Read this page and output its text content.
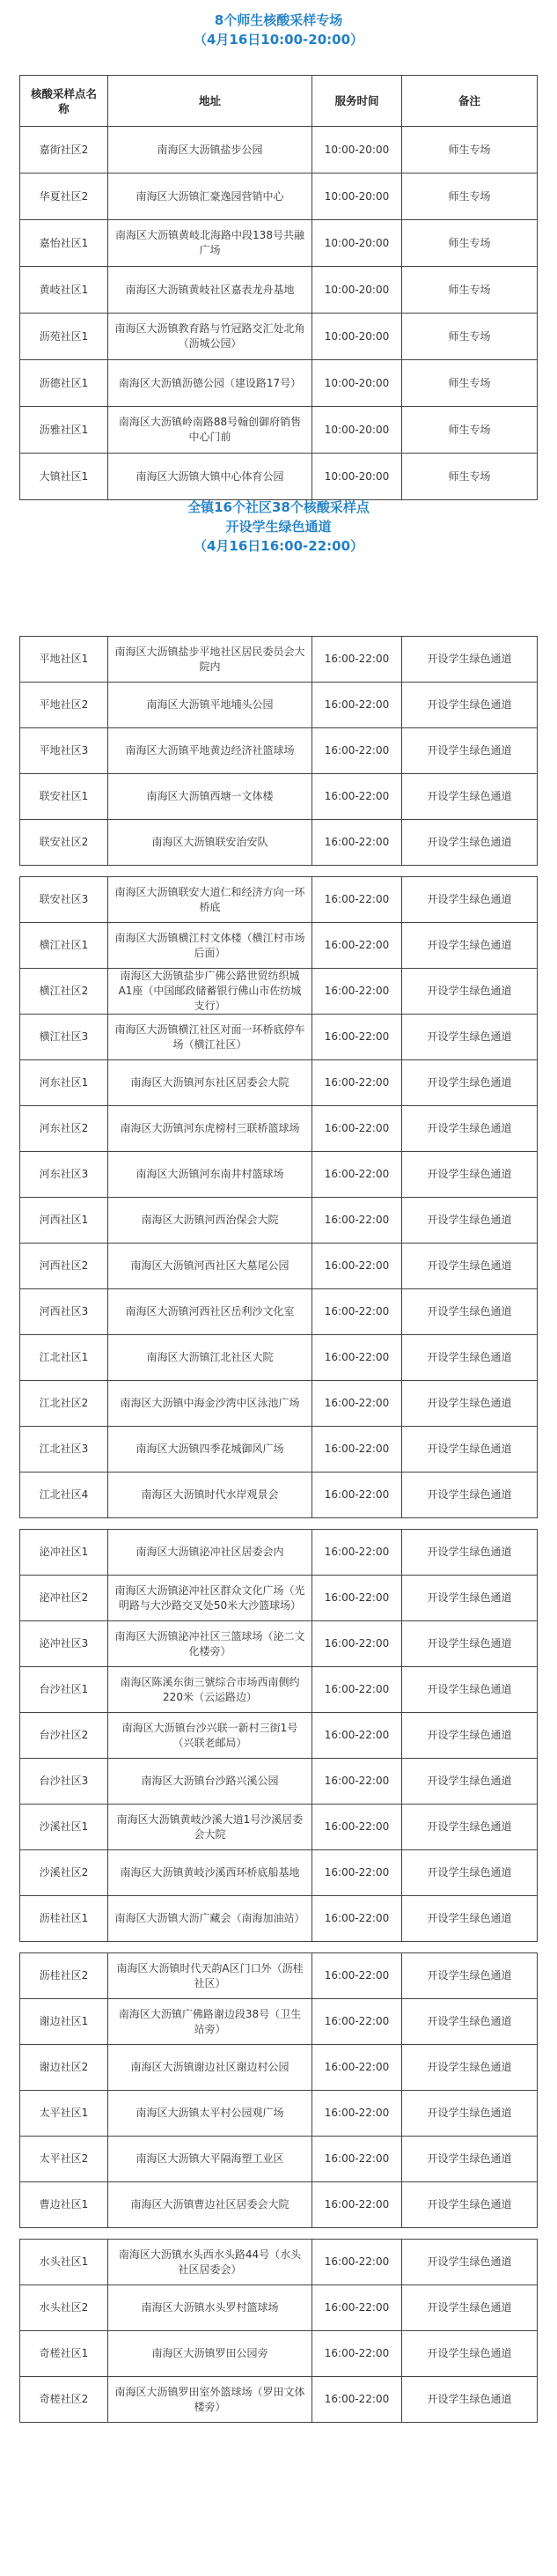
8个师生核酸采样专场
（4月16日10:00-20:00）
核酸采样点名称	地址	服务时间	备注
嘉街社区2	南海区大沥镇盐步公园	10:00-20:00	师生专场
华夏社区2	南海区大沥镇汇豪逸园营销中心	10:00-20:00	师生专场
嘉怡社区1	南海区大沥镇黄岐北海路中段138号共融广场	10:00-20:00	师生专场
黄岐社区1	南海区大沥镇黄岐社区嘉表龙舟基地	10:00-20:00	师生专场
沥苑社区1	南海区大沥镇教育路与竹冠路交汇处北角（沥城公园）	10:00-20:00	师生专场
沥德社区1	南海区大沥镇沥德公园（建设路17号）	10:00-20:00	师生专场
沥雅社区1	南海区大沥镇岭南路88号翰创御府销售中心门前	10:00-20:00	师生专场
大镇社区1	南海区大沥镇大镇中心体育公园	10:00-20:00	师生专场
全镇16个社区38个核酸采样点
开设学生绿色通道
（4月16日16:00-22:00）
平地社区1	南海区大沥镇盐步平地社区居民委员会大院内	16:00-22:00	开设学生绿色通道
平地社区2	南海区大沥镇平地埔头公园	16:00-22:00	开设学生绿色通道
平地社区3	南海区大沥镇平地黄边经济社篮球场	16:00-22:00	开设学生绿色通道
联安社区1	南海区大沥镇西塘一文体楼	16:00-22:00	开设学生绿色通道
联安社区2	南海区大沥镇联安治安队	16:00-22:00	开设学生绿色通道

联安社区3	南海区大沥镇联安大道仁和经济方向一环桥底	16:00-22:00	开设学生绿色通道
横江社区1	南海区大沥镇横江村文体楼（横江村市场后面）	16:00-22:00	开设学生绿色通道
横江社区2	南海区大沥镇盐步广佛公路世贸纺织城A1座（中国邮政储蓄银行佛山市佐纺城支行）	16:00-22:00	开设学生绿色通道
横江社区3	南海区大沥镇横江社区对面一环桥底停车场（横江社区）	16:00-22:00	开设学生绿色通道
河东社区1	南海区大沥镇河东社区居委会大院	16:00-22:00	开设学生绿色通道
河东社区2	南海区大沥镇河东虎榜村三联桥篮球场	16:00-22:00	开设学生绿色通道
河东社区3	南海区大沥镇河东南井村篮球场	16:00-22:00	开设学生绿色通道
河西社区1	南海区大沥镇河西治保会大院	16:00-22:00	开设学生绿色通道
河西社区2	南海区大沥镇河西社区大墓尾公园	16:00-22:00	开设学生绿色通道
河西社区3	南海区大沥镇河西社区岳利沙文化室	16:00-22:00	开设学生绿色通道
江北社区1	南海区大沥镇江北社区大院	16:00-22:00	开设学生绿色通道
江北社区2	南海区大沥镇中海金沙湾中区泳池广场	16:00-22:00	开设学生绿色通道
江北社区3	南海区大沥镇四季花城御风广场	16:00-22:00	开设学生绿色通道
江北社区4	南海区大沥镇时代水岸观景会	16:00-22:00	开设学生绿色通道

泌冲社区1	南海区大沥镇泌冲社区居委会内	16:00-22:00	开设学生绿色通道
泌冲社区2	南海区大沥镇泌冲社区群众文化广场（光明路与大沙路交叉处50米大沙篮球场）	16:00-22:00	开设学生绿色通道
泌冲社区3	南海区大沥镇泌冲社区三篮球场（泌二文化楼旁）	16:00-22:00	开设学生绿色通道
台沙社区1	南海区陈溪东街三號综合市场西南侧约220米（云运路边）	16:00-22:00	开设学生绿色通道
台沙社区2	南海区大沥镇台沙兴联一新村三街1号（兴联老邮局）	16:00-22:00	开设学生绿色通道
台沙社区3	南海区大沥镇台沙路兴溪公园	16:00-22:00	开设学生绿色通道
沙溪社区1	南海区大沥镇黄岐沙溪大道1号沙溪居委会大院	16:00-22:00	开设学生绿色通道
沙溪社区2	南海区大沥镇黄岐沙溪西环桥底船基地	16:00-22:00	开设学生绿色通道
沥桂社区1	南海区大沥镇大沥广藏会（南海加油站）	16:00-22:00	开设学生绿色通道

沥桂社区2	南海区大沥镇时代天韵A区门口外（沥桂社区）	16:00-22:00	开设学生绿色通道
谢边社区1	南海区大沥镇广佛路谢边段38号（卫生站旁）	16:00-22:00	开设学生绿色通道
谢边社区2	南海区大沥镇谢边社区谢边村公园	16:00-22:00	开设学生绿色通道
太平社区1	南海区大沥镇太平村公园观广场	16:00-22:00	开设学生绿色通道
太平社区2	南海区大沥镇大平隔海塑工业区	16:00-22:00	开设学生绿色通道
曹边社区1	南海区大沥镇曹边社区居委会大院	16:00-22:00	开设学生绿色通道

水头社区1	南海区大沥镇水头西水头路44号（水头社区居委会）	16:00-22:00	开设学生绿色通道
水头社区2	南海区大沥镇水头罗村篮球场	16:00-22:00	开设学生绿色通道
奇槎社区1	南海区大沥镇罗田公园旁	16:00-22:00	开设学生绿色通道
奇槎社区2	南海区大沥镇罗田室外篮球场（罗田文体楼旁）	16:00-22:00	开设学生绿色通道
